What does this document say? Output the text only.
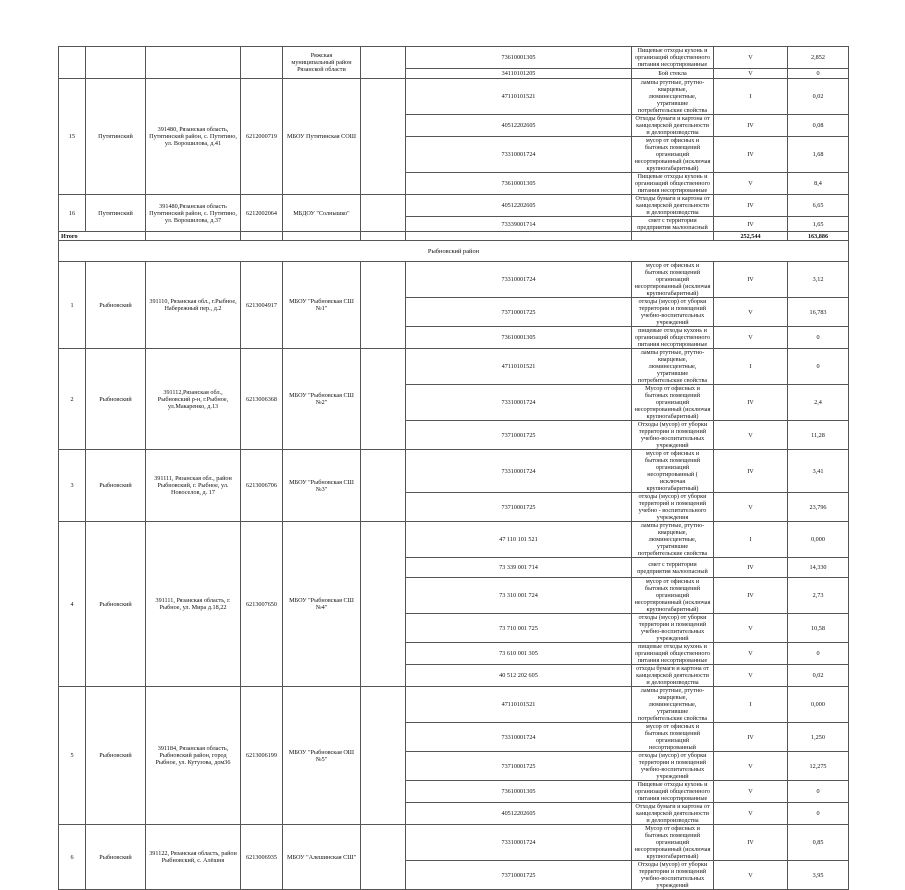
				Ряжская
муниципальный район
Рязанской области		73610001305	Пищевые отходы кухонь и организаций общественного питания несортированные	V	2,852	
						34110101205	Бой стекла	V	0	
15	Путятинский	391480, Рязанская область, Путятинский район, с. Путятино, ул. Ворошилова, д.41	6212000719	МБОУ Путятинская СОШ		47110101521	лампы ртутные, ртутно-кварцевые, люминесцентные, утратившие потребительские свойства	I	0,02	
						40512202605	Отходы бумаги и картона от канцелярской деятельности и делопроизводства	IV	0,08	
						73310001724	мусор от офисных и бытовых помещений организаций несортированный (исключая крупногабаритный)	IV	1,68	
						73610001305	Пищевые отходы кухонь и организаций общественного питания несортированные	V	8,4	
16	Путятинский	391480,Рязанская область Путятинский район, с. Путятино, ул. Ворошилова, д.37	6212002064	МБДОУ "Солнышко"		40512202605	Отходы бумаги и картона от канцелярской деятельности и делопроизводства	IV	6,65	
						73339001714	смет с территории предприятия малоопасный	IV	1,65	
Итого								252,544	163,886	
Рыбновский район										
1	Рыбновский	391110, Рязанская обл., г.Рыбное, Набережный пер., д.2	6213004917	МБОУ "Рыбновская СШ №1"		73310001724	мусор от офисных и бытовых помещений организаций несортированный (исключая крупногабаритный)	IV	3,12	
						73710001725	отходы (мусор) от уборки территории и помещений учебно-воспитательных учреждений	V	16,783	
						73610001305	пищевые отходы кухонь и организаций общественного питания несортированные	V	0	
2	Рыбновский	391112,Рязанская обл., Рыбновский р-н, г.Рыбное, ул.Макаренко, д.13	6213006368	МБОУ "Рыбновская СШ №2"		47110101521	лампы ртутные, ртутно-кварцевые, люминесцентные, утратившие потребительские свойства	I	0	
						73310001724	Мусор от офисных и бытовых помещений организаций несортированный (исключая крупногабаритный)	IV	2,4	
						73710001725	Отходы (мусор) от уборки территории и помещений учебно-воспитательных учреждений	V	11,28	
3	Рыбновский	391111, Рязанская обл., район Рыбновский, г. Рыбное, ул. Новоселов, д. 17	6213006706	МБОУ "Рыбновская СШ №3"		73310001724	мусор от офисных и бытовых помещений организаций несортированный ( исключая крупногабаритный)	IV	3,41	
						73710001725	отходы (мусор) от уборки территорий и помещений учебно - воспитательного учреждения	V	23,796	
4	Рыбновский	391111, Рязанская область, г. Рыбное, ул. Мира д.18,22	6213007650	МБОУ "Рыбновская СШ №4"		47 110 101 521	лампы ртутные, ртутно-кварцевые, люминесцентные, утратившие потребительские свойства	I	0,000	
						73 339 001 714	смет с территории предприятия малоопасный	IV	14,330	
						73 310 001 724	мусор от офисных и бытовых помещений организаций несортированный (исключая крупногабаритный)	IV	2,73	
						73 710 001 725	отходы (мусор) от уборки территории и помещений учебно-воспитательных учреждений	V	10,58	
						73 610 001 305	пищевые отходы кухонь и организаций общественного питания несортированные	V	0	
						40 512 202 605	отходы бумаги и картона от канцелярской деятельности и делопроизводства	V	0,02	
5	Рыбновский	391184, Рязанская область, Рыбновский район, город Рыбное, ул. Кутузова, дом36	6213006199	МБОУ "Рыбновская ОШ №5"		47110101521	лампы ртутные, ртутно-кварцевые, люминесцентные, утратившие потребительские свойства	I	0,000	
						73310001724	мусор от офисных и бытовых помещений организаций несортированный	IV	1,250	
						73710001725	отходы (мусор) от уборки территории и помещений учебно-воспитательных учреждений	V	12,275	
						73610001305	Пищевые отходы кухонь и организаций общественного питания несортированные	V	0	
						40512202605	Отходы бумаги и картона от канцелярской деятельности и делопроизводства	V	0	
6	Рыбновский	391122, Рязанская область, район Рыбновский, с. Алёшня	6213006935	МБОУ "Алешинская СШ"		73310001724	Мусор от офисных и бытовых помещений организаций несортированный (исключая крупногабаритный)	IV	0,85	
						73710001725	Отходы (мусор) от уборки территории и помещений учебно-воспитательных учреждений	V	3,95	
